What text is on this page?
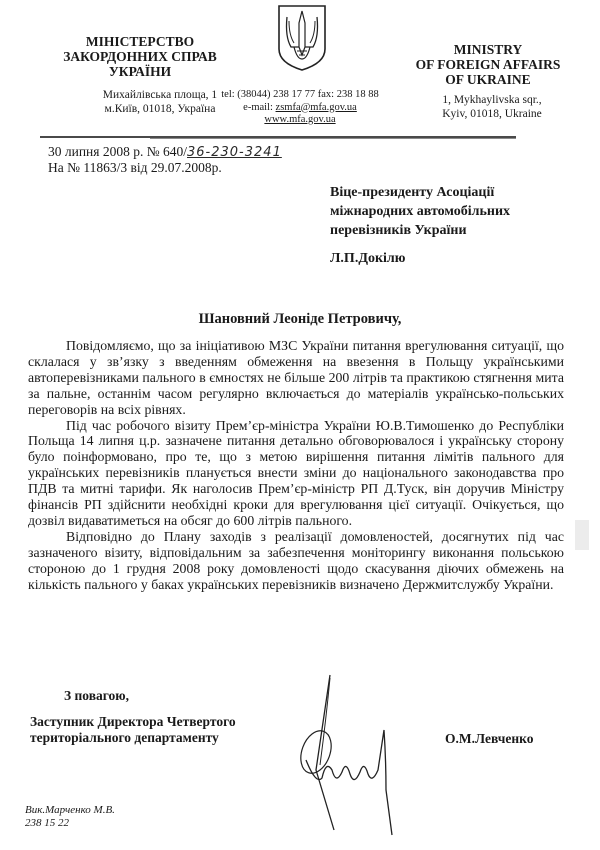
МІНІСТЕРСТВО
ЗАКОРДОННИХ СПРАВ
УКРАЇНИ
Михайлівська площа, 1
м.Київ, 01018, Україна
tel: (38044) 238 17 77 fax: 238 18 88
e-mail: zsmfa@mfa.gov.ua
www.mfa.gov.ua
MINISTRY
OF FOREIGN AFFAIRS
OF UKRAINE
1, Mykhaylivska sqr.,
Kyiv, 01018, Ukraine
30 липня 2008 р. № 640/36-230-3241
На № 11863/3 від 29.07.2008р.
Віце-президенту Асоціації
міжнародних автомобільних
перевізників України
Л.П.Докілю
Шановний Леоніде Петровичу,

Повідомляємо, що за ініціативою МЗС України питання врегулювання ситуації, що склалася у зв’язку з введенням обмеження на ввезення в Польщу українськими автоперевізниками пального в ємностях не більше 200 літрів та практикою стягнення мита за пальне, останнім часом регулярно включається до матеріалів українсько-польських переговорів на всіх рівнях.

Під час робочого візиту Прем’єр-міністра України Ю.В.Тимошенко до Республіки Польща 14 липня ц.р. зазначене питання детально обговорювалося і українську сторону було поінформовано, про те, що з метою вирішення питання лімітів пального для українських перевізників планується внести зміни до національного законодавства про ПДВ та митні тарифи. Як наголосив Прем’єр-міністр РП Д.Туск, він доручив Міністру фінансів РП здійснити необхідні кроки для врегулювання цієї ситуації. Очікується, що дозвіл видаватиметься на обсяг до 600 літрів пального.

Відповідно до Плану заходів з реалізації домовленостей, досягнутих під час зазначеного візиту, відповідальним за забезпечення моніторингу виконання польською стороною до 1 грудня 2008 року домовленості щодо скасування діючих обмежень на кількість пального у баках українських перевізників визначено Держмитслужбу України.

З повагою,
Заступник Директора Четвертого
територіального департаменту	О.М.Левченко
Вик.Марченко М.В.
238 15 22
